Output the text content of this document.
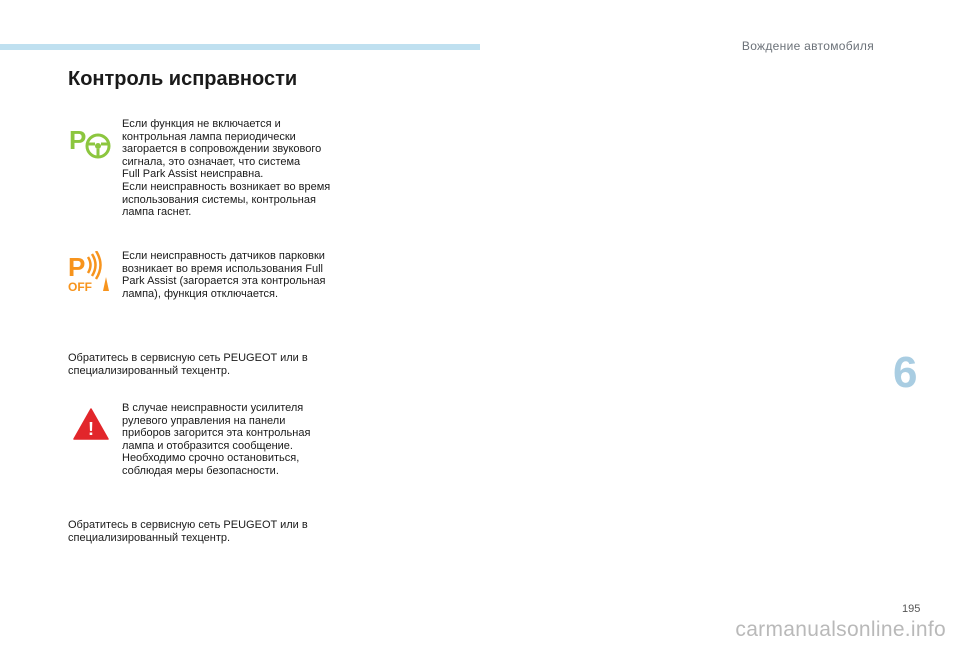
Вождение автомобиля
Контроль исправности
P
Если функция не включается и
контрольная лампа периодически
загорается в сопровождении звукового
сигнала, это означает, что система
Full Park Assist неисправна.
Если неисправность возникает во время
использования системы, контрольная
лампа гаснет.
P
OFF
Если неисправность датчиков парковки
возникает во время использования Full
Park Assist (загорается эта контрольная
лампа), функция отключается.
Обратитесь в сервисную сеть PEUGEOT или в
специализированный техцентр.
!
В случае неисправности усилителя
рулевого управления на панели
приборов загорится эта контрольная
лампа и отобразится сообщение.
Необходимо срочно остановиться,
соблюдая меры безопасности.
Обратитесь в сервисную сеть PEUGEOT или в
специализированный техцентр.
6
195
carmanualsonline.info
